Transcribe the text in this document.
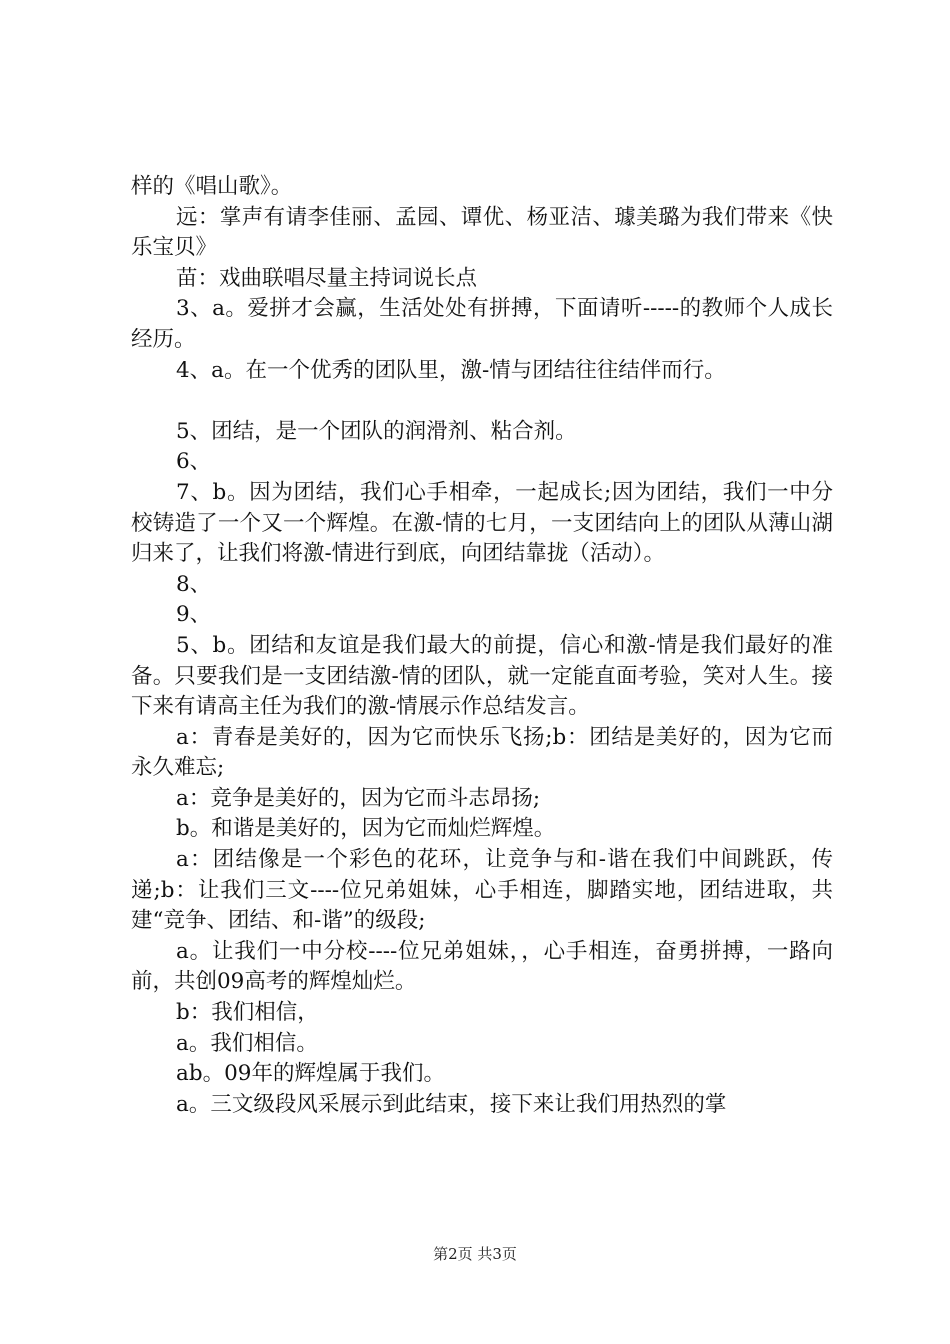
样的《唱山歌》。

远：掌声有请李佳丽、孟园、谭优、杨亚洁、璩美璐为我们带来《快乐宝贝》

苗：戏曲联唱尽量主持词说长点

3、a。爱拼才会赢，生活处处有拼搏，下面请听-----的教师个人成长经历。

4、a。在一个优秀的团队里，激-情与团结往往结伴而行。

5、团结，是一个团队的润滑剂、粘合剂。

6、

7、b。因为团结，我们心手相牵，一起成长;因为团结，我们一中分校铸造了一个又一个辉煌。在激-情的七月，一支团结向上的团队从薄山湖归来了，让我们将激-情进行到底，向团结靠拢（活动）。

8、

9、

5、b。团结和友谊是我们最大的前提，信心和激-情是我们最好的准备。只要我们是一支团结激-情的团队，就一定能直面考验，笑对人生。接下来有请高主任为我们的激-情展示作总结发言。

a：青春是美好的，因为它而快乐飞扬;b：团结是美好的，因为它而永久难忘;

a：竞争是美好的，因为它而斗志昂扬;

b。和谐是美好的，因为它而灿烂辉煌。

a：团结像是一个彩色的花环，让竞争与和-谐在我们中间跳跃，传递;b：让我们三文----位兄弟姐妹，心手相连，脚踏实地，团结进取，共建“竞争、团结、和-谐”的级段;

a。让我们一中分校----位兄弟姐妹，，心手相连，奋勇拼搏，一路向前，共创09高考的辉煌灿烂。

b：我们相信，

a。我们相信。

ab。09年的辉煌属于我们。

a。三文级段风采展示到此结束，接下来让我们用热烈的掌

第2页 共3页
